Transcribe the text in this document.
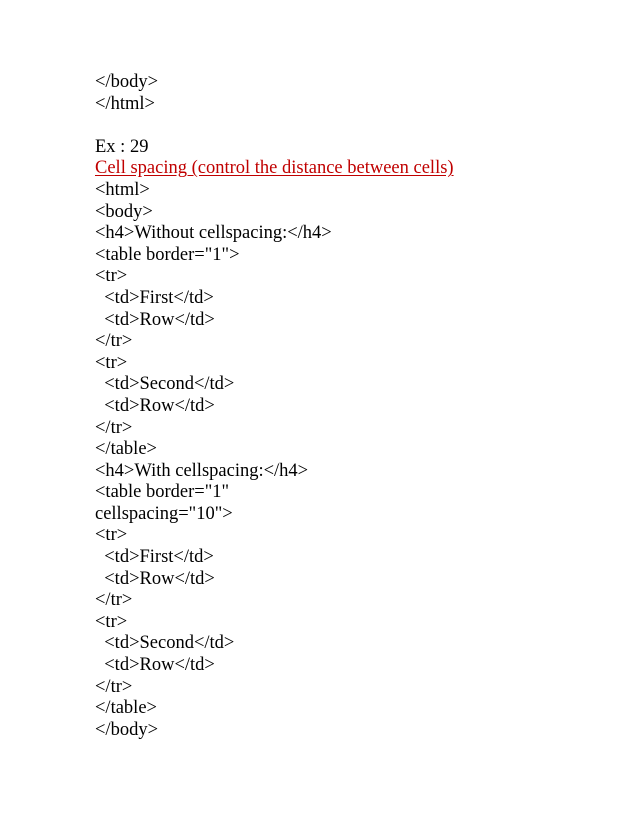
</body>
</html>
Ex : 29
Cell spacing (control the distance between cells)
<html>
<body>
<h4>Without cellspacing:</h4>
<table border="1">
<tr>
<td>First</td>
<td>Row</td>
</tr>
<tr>
<td>Second</td>
<td>Row</td>
</tr>
</table>
<h4>With cellspacing:</h4>
<table border="1"
cellspacing="10">
<tr>
<td>First</td>
<td>Row</td>
</tr>
<tr>
<td>Second</td>
<td>Row</td>
</tr>
</table>
</body>
